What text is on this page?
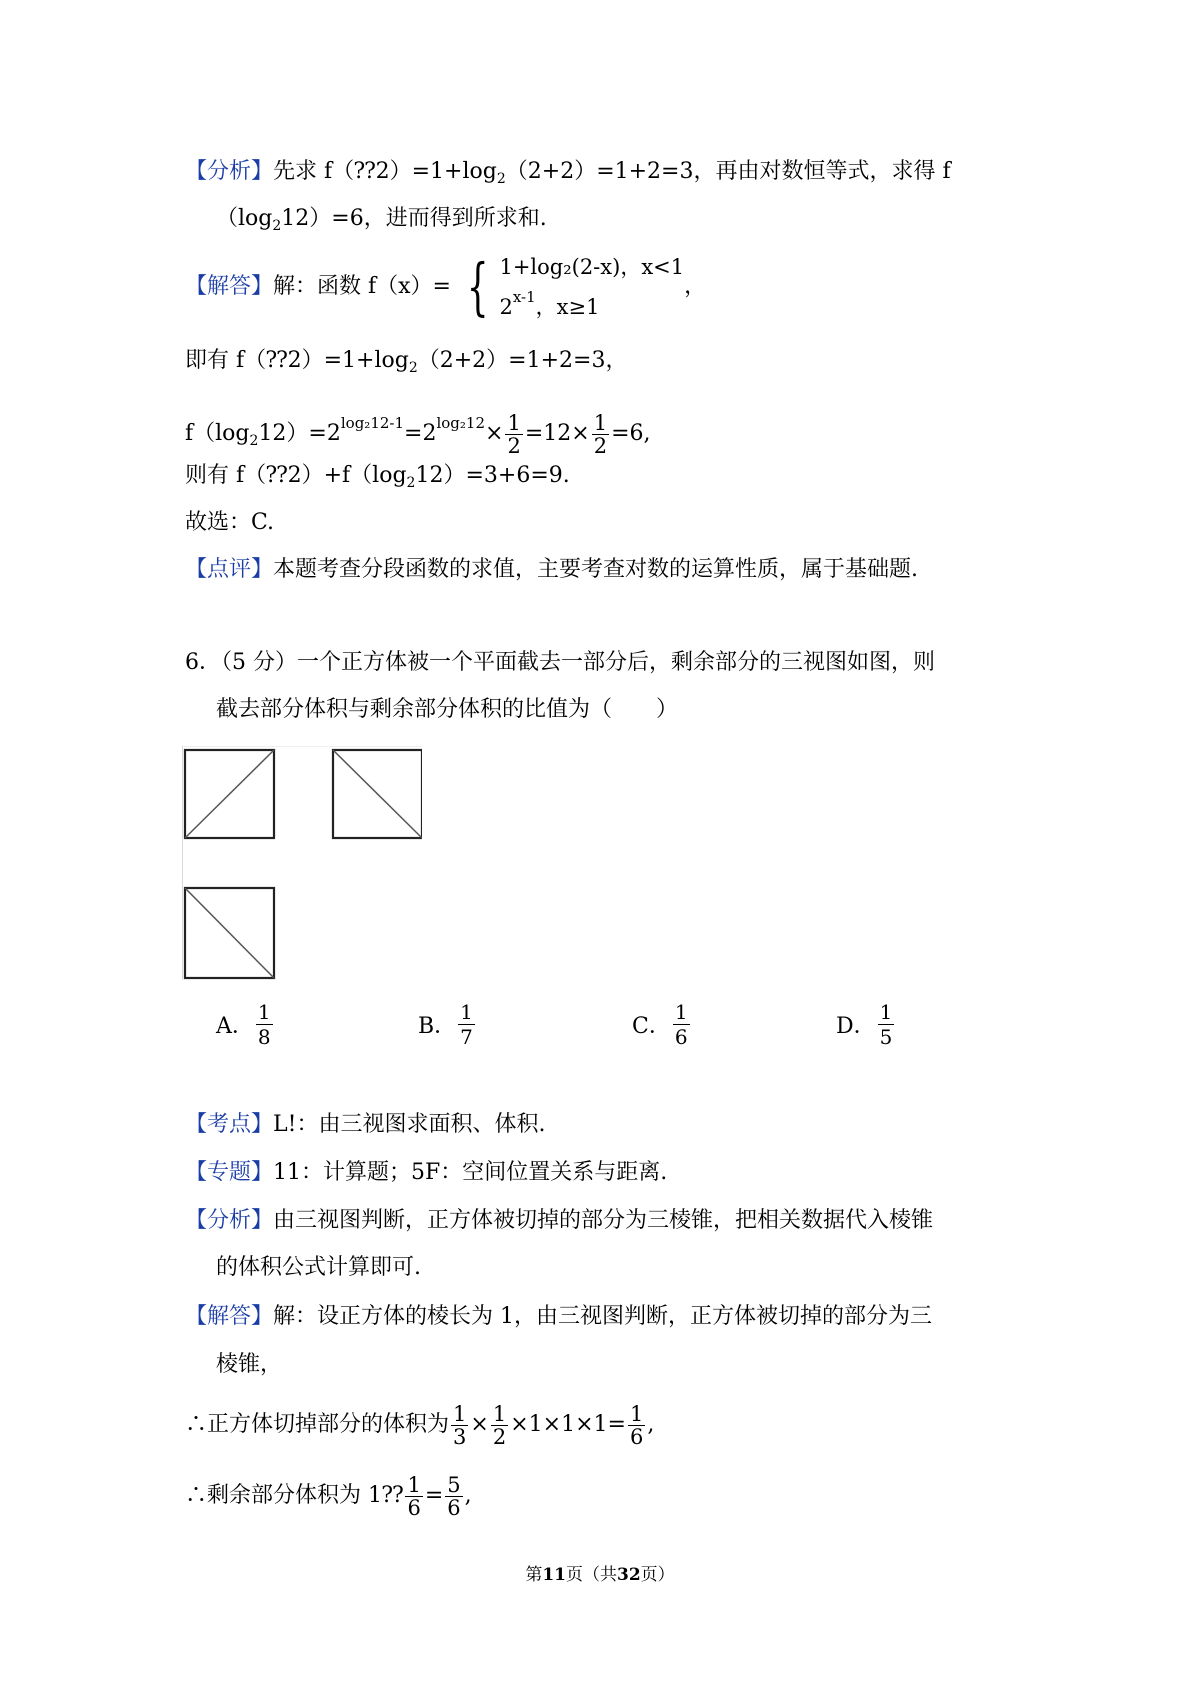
【分析】先求 $f(⁇2)=1+\log_2(2+2)=1+2=3$，再由对数恒等式，求得 f
$(\log_212)=6$，进而得到所求和.
【解答】解：函数 f（x）= { 1+log₂(2-x)，x<1
2$^{x-1}$，x≥1
，
即有 $f(⁇2)=1+\log_2(2+2)=1+2=3$，
$f(\log_212)=2^{log_212-1}=2^{log_212}\times \frac{1}{2} =12\times \frac{1}{2} =6$,
则有 $f(⁇2)+f(\log_212)=3+6=9$.
故选：C.
【点评】本题考查分段函数的求值，主要考查对数的运算性质，属于基础题.
6．（5 分）一个正方体被一个平面截去一部分后，剩余部分的三视图如图，则
截去部分体积与剩余部分体积的比值为（　　）
A． $\frac{1}{8}$	B． $\frac{1}{7}$	C． $\frac{1}{6}$	D． $\frac{1}{5}$
【考点】L!：由三视图求面积、体积.
【专题】11：计算题；5F：空间位置关系与距离.
【分析】由三视图判断，正方体被切掉的部分为三棱锥，把相关数据代入棱锥
的体积公式计算即可.
【解答】解：设正方体的棱长为 1，由三视图判断，正方体被切掉的部分为三
棱锥，
∴正方体切掉部分的体积为 $\frac{1}{3} \times \frac{1}{2} \times 1\times 1\times 1= \frac{1}{6}$ ,
∴剩余部分体积为 1⁇ $\frac{1}{6} = \frac{5}{6}$ ,
第11页（共32页）
